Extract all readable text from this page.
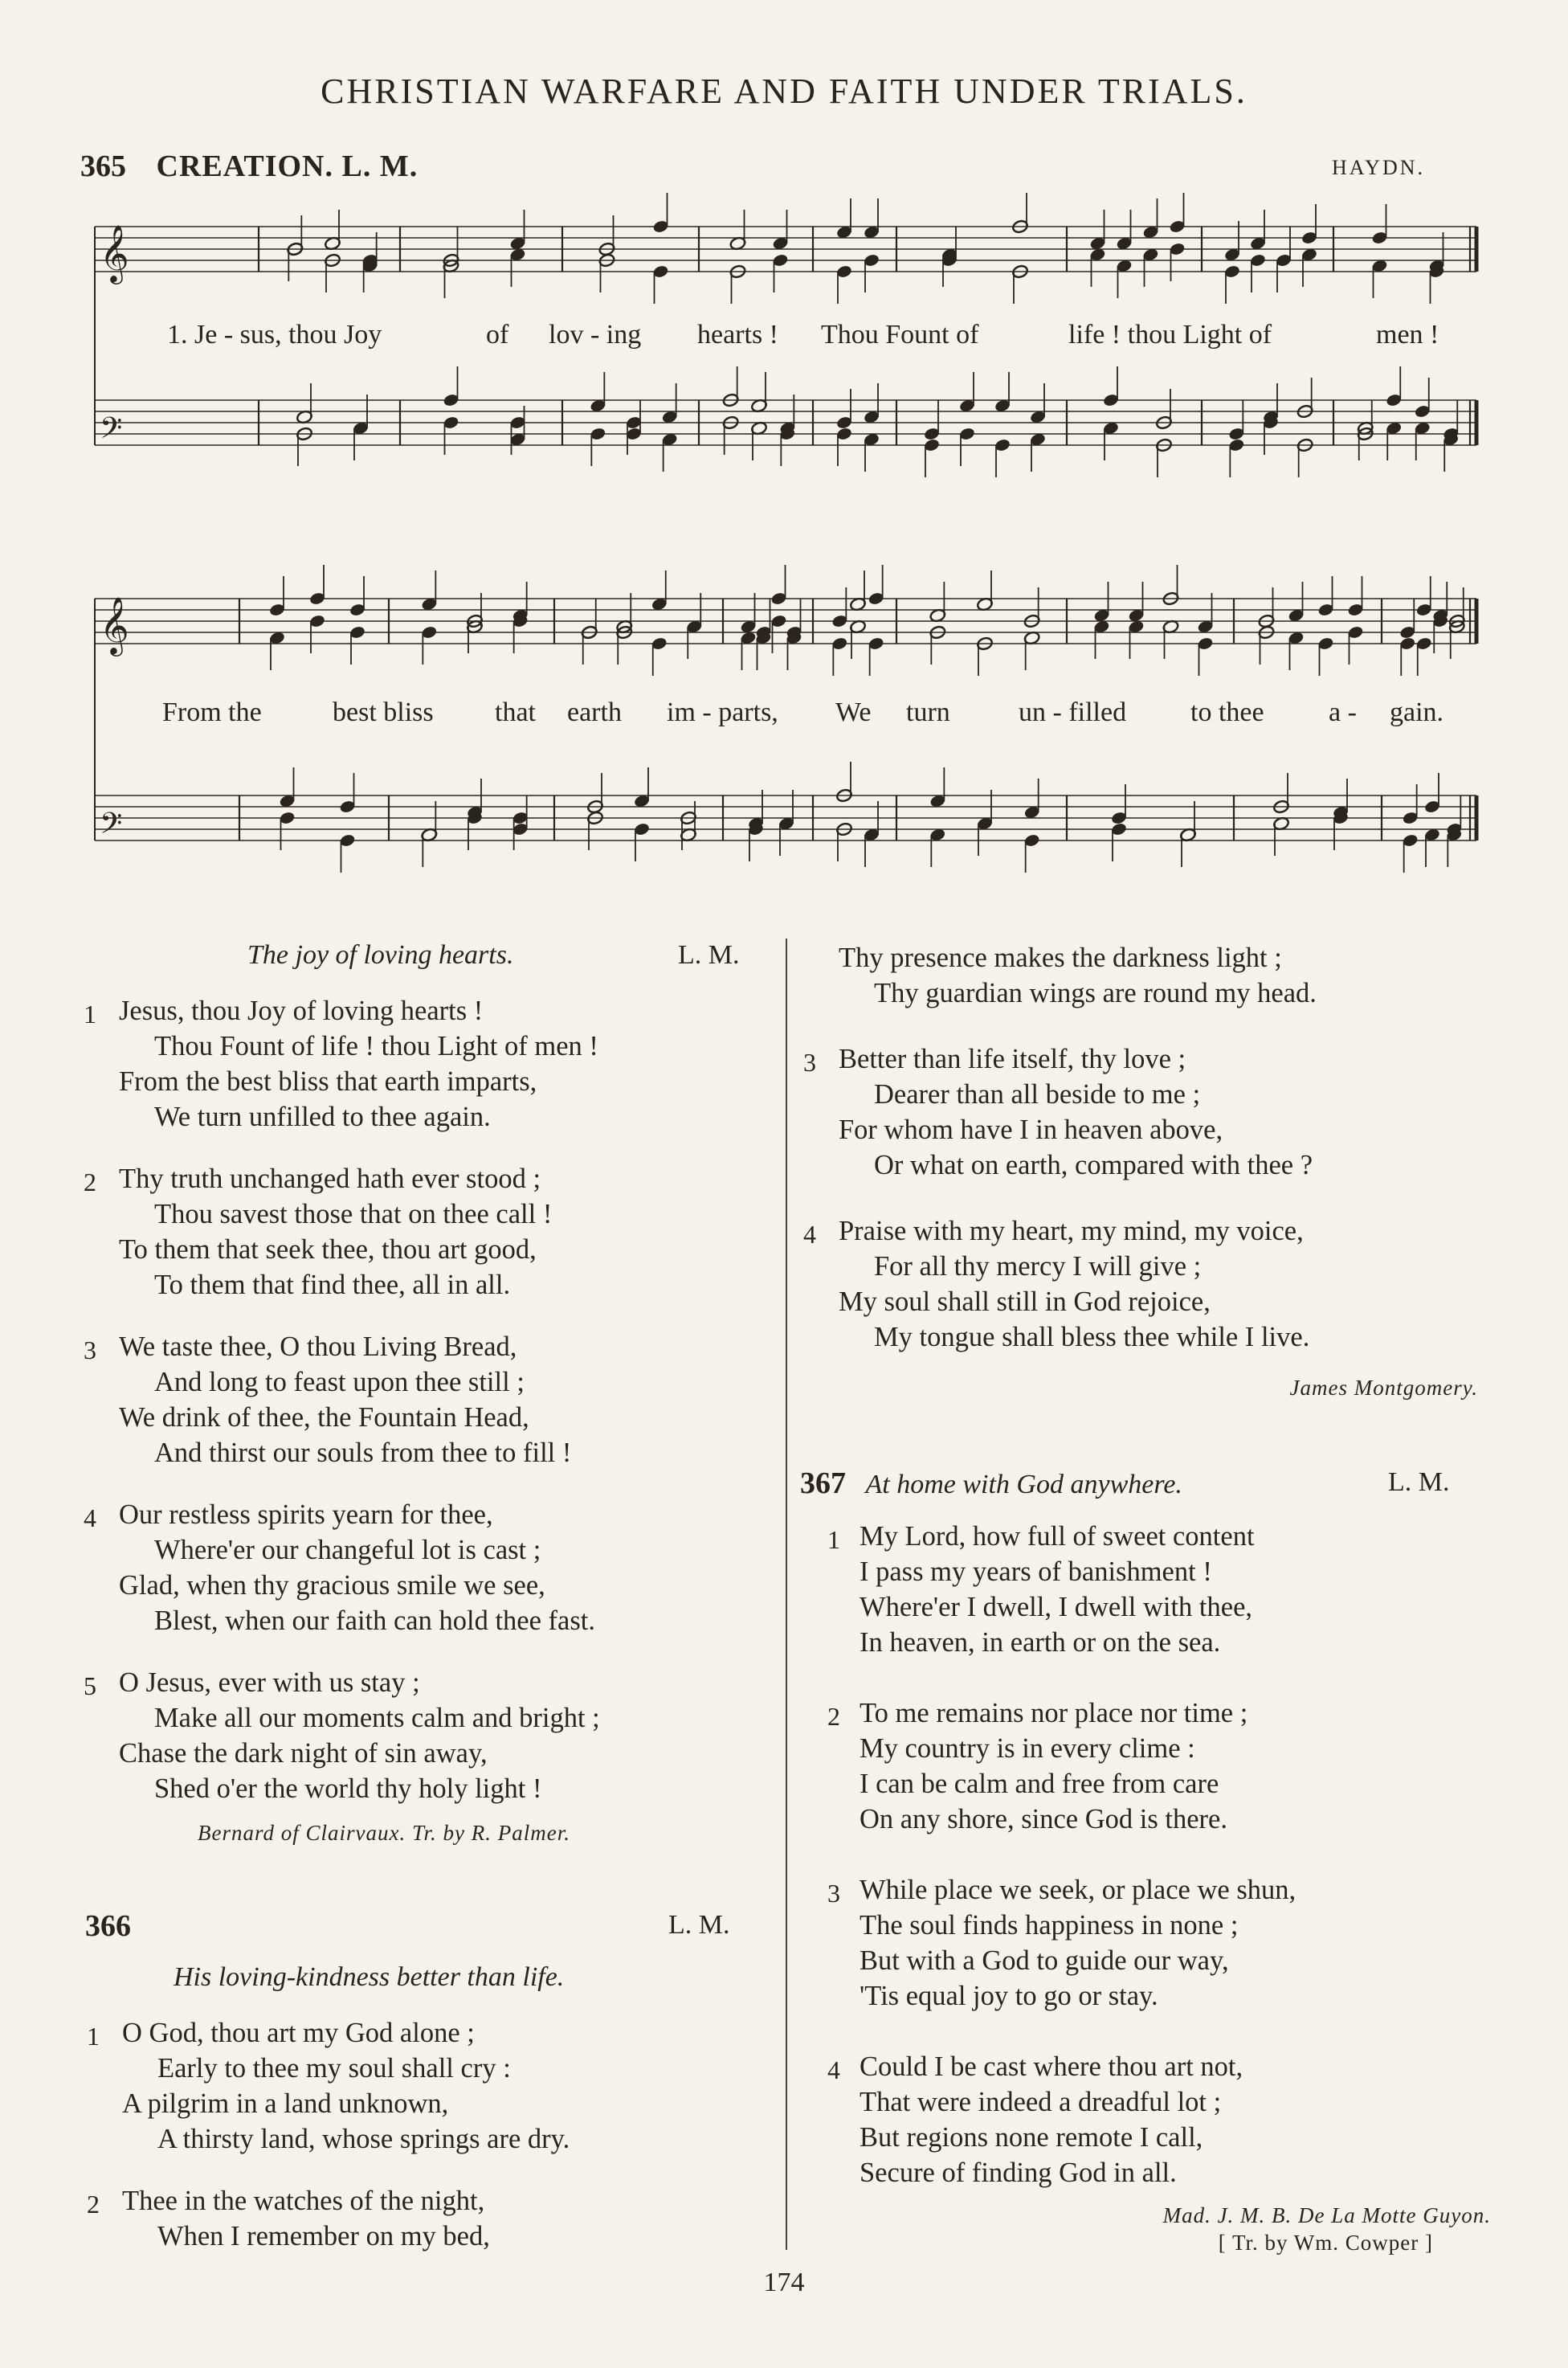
CHRISTIAN WARFARE AND FAITH UNDER TRIALS.
365 CREATION. L. M.	HAYDN.
𝄞
𝄢
𝄞
𝄢
1. Je - sus, thou Joy	of lov - ing hearts ! Thou Fount of	life ! thou Light of	men !
From the	best bliss that earth im - parts, We turn	un - filled to thee a - gain.
The joy of loving hearts.	L. M.
1 Jesus, thou Joy of loving hearts !
Thou Fount of life ! thou Light of men !
From the best bliss that earth imparts,
We turn unfilled to thee again.
2 Thy truth unchanged hath ever stood ;
Thou savest those that on thee call !
To them that seek thee, thou art good,
To them that find thee, all in all.
3 We taste thee, O thou Living Bread,
And long to feast upon thee still ;
We drink of thee, the Fountain Head,
And thirst our souls from thee to fill !
4 Our restless spirits yearn for thee,
Where'er our changeful lot is cast ;
Glad, when thy gracious smile we see,
Blest, when our faith can hold thee fast.
5 O Jesus, ever with us stay ;
Make all our moments calm and bright ;
Chase the dark night of sin away,
Shed o'er the world thy holy light !
Bernard of Clairvaux. Tr. by R. Palmer.
366	L. M.
His loving-kindness better than life.
1 O God, thou art my God alone ;
Early to thee my soul shall cry :
A pilgrim in a land unknown,
A thirsty land, whose springs are dry.
2 Thee in the watches of the night,
When I remember on my bed,
Thy presence makes the darkness light ;
Thy guardian wings are round my head.
3 Better than life itself, thy love ;
Dearer than all beside to me ;
For whom have I in heaven above,
Or what on earth, compared with thee ?
4 Praise with my heart, my mind, my voice,
For all thy mercy I will give ;
My soul shall still in God rejoice,
My tongue shall bless thee while I live.
James Montgomery.
367 At home with God anywhere.	L. M.
1 My Lord, how full of sweet content
I pass my years of banishment !
Where'er I dwell, I dwell with thee,
In heaven, in earth or on the sea.
2 To me remains nor place nor time ;
My country is in every clime :
I can be calm and free from care
On any shore, since God is there.
3 While place we seek, or place we shun,
The soul finds happiness in none ;
But with a God to guide our way,
'Tis equal joy to go or stay.
4 Could I be cast where thou art not,
That were indeed a dreadful lot ;
But regions none remote I call,
Secure of finding God in all.
Mad. J. M. B. De La Motte Guyon.
[ Tr. by Wm. Cowper ]
174
